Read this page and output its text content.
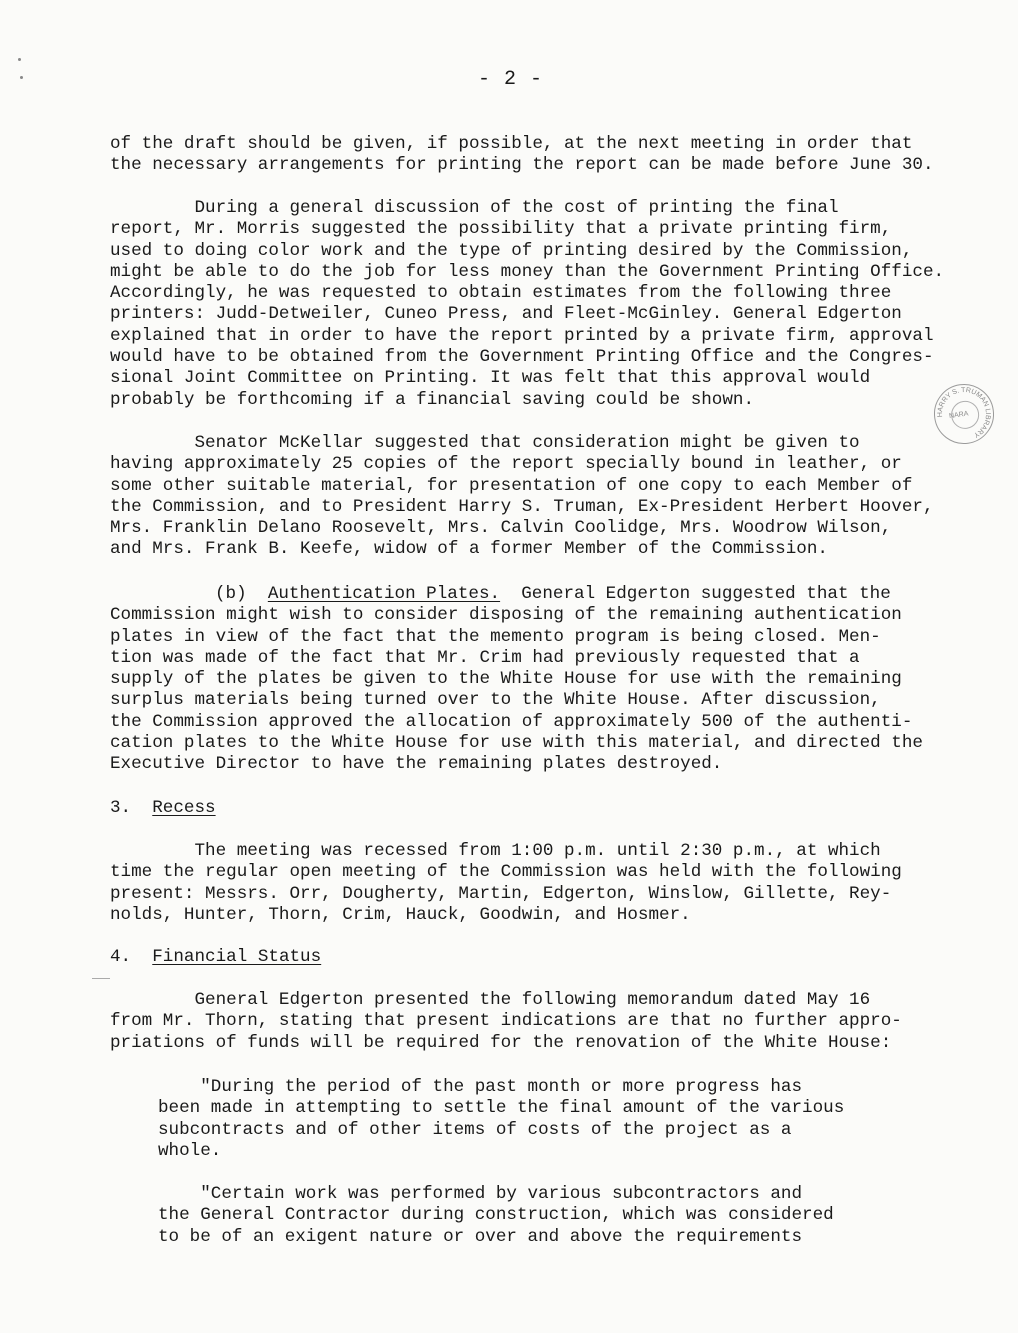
- 2 -

of the draft should be given, if possible, at the next meeting in order that
the necessary arrangements for printing the report can be made before June 30.

During a general discussion of the cost of printing the final
report, Mr. Morris suggested the possibility that a private printing firm,
used to doing color work and the type of printing desired by the Commission,
might be able to do the job for less money than the Government Printing Office.
Accordingly, he was requested to obtain estimates from the following three
printers: Judd-Detweiler, Cuneo Press, and Fleet-McGinley. General Edgerton
explained that in order to have the report printed by a private firm, approval
would have to be obtained from the Government Printing Office and the Congres-
sional Joint Committee on Printing. It was felt that this approval would
probably be forthcoming if a financial saving could be shown.

HARRY S. TRUMAN LIBRARY
NARA

Senator McKellar suggested that consideration might be given to
having approximately 25 copies of the report specially bound in leather, or
some other suitable material, for presentation of one copy to each Member of
the Commission, and to President Harry S. Truman, Ex-President Herbert Hoover,
Mrs. Franklin Delano Roosevelt, Mrs. Calvin Coolidge, Mrs. Woodrow Wilson,
and Mrs. Frank B. Keefe, widow of a former Member of the Commission.

(b) Authentication Plates. General Edgerton suggested that the
Commission might wish to consider disposing of the remaining authentication
plates in view of the fact that the memento program is being closed. Men-
tion was made of the fact that Mr. Crim had previously requested that a
supply of the plates be given to the White House for use with the remaining
surplus materials being turned over to the White House. After discussion,
the Commission approved the allocation of approximately 500 of the authenti-
cation plates to the White House for use with this material, and directed the
Executive Director to have the remaining plates destroyed.

3. Recess

The meeting was recessed from 1:00 p.m. until 2:30 p.m., at which
time the regular open meeting of the Commission was held with the following
present: Messrs. Orr, Dougherty, Martin, Edgerton, Winslow, Gillette, Rey-
nolds, Hunter, Thorn, Crim, Hauck, Goodwin, and Hosmer.

4. Financial Status

General Edgerton presented the following memorandum dated May 16
from Mr. Thorn, stating that present indications are that no further appro-
priations of funds will be required for the renovation of the White House:

"During the period of the past month or more progress has
been made in attempting to settle the final amount of the various
subcontracts and of other items of costs of the project as a
whole.

"Certain work was performed by various subcontractors and
the General Contractor during construction, which was considered
to be of an exigent nature or over and above the requirements
